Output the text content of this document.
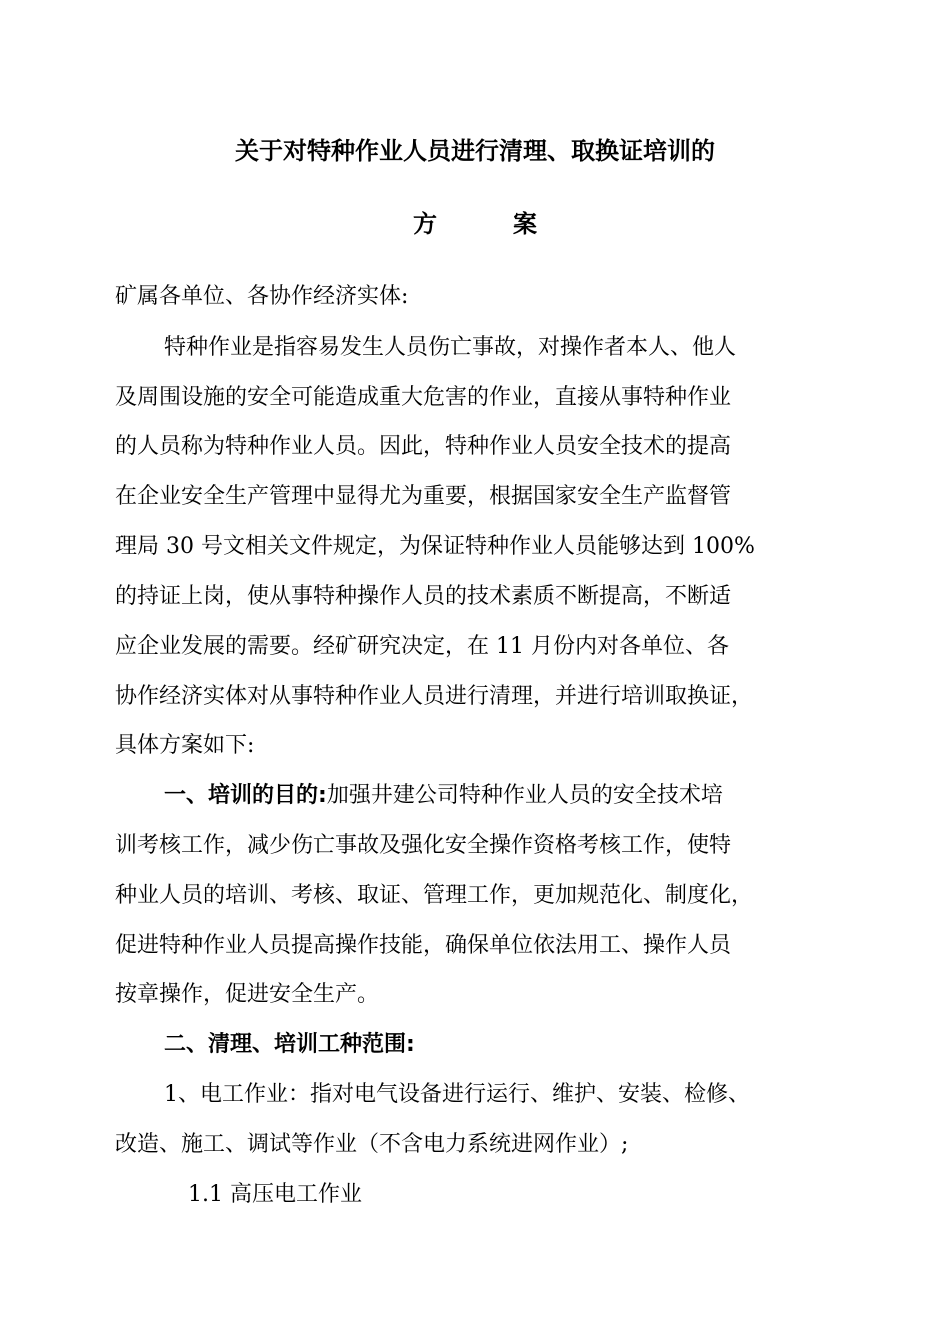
关于对特种作业人员进行清理、取换证培训的
方	案
矿属各单位、各协作经济实体:
特种作业是指容易发生人员伤亡事故，对操作者本人、他人
及周围设施的安全可能造成重大危害的作业，直接从事特种作业
的人员称为特种作业人员。因此，特种作业人员安全技术的提高
在企业安全生产管理中显得尤为重要，根据国家安全生产监督管
理局 30 号文相关文件规定，为保证特种作业人员能够达到 100%
的持证上岗，使从事特种操作人员的技术素质不断提高，不断适
应企业发展的需要。经矿研究决定，在 11 月份内对各单位、各
协作经济实体对从事特种作业人员进行清理，并进行培训取换证，
具体方案如下:
一、培训的目的:加强井建公司特种作业人员的安全技术培
训考核工作，减少伤亡事故及强化安全操作资格考核工作，使特
种业人员的培训、考核、取证、管理工作，更加规范化、制度化，
促进特种作业人员提高操作技能，确保单位依法用工、操作人员
按章操作，促进安全生产。
二、清理、培训工种范围:
1、电工作业：指对电气设备进行运行、维护、安装、检修、
改造、施工、调试等作业（不含电力系统进网作业）;
1.1 高压电工作业
